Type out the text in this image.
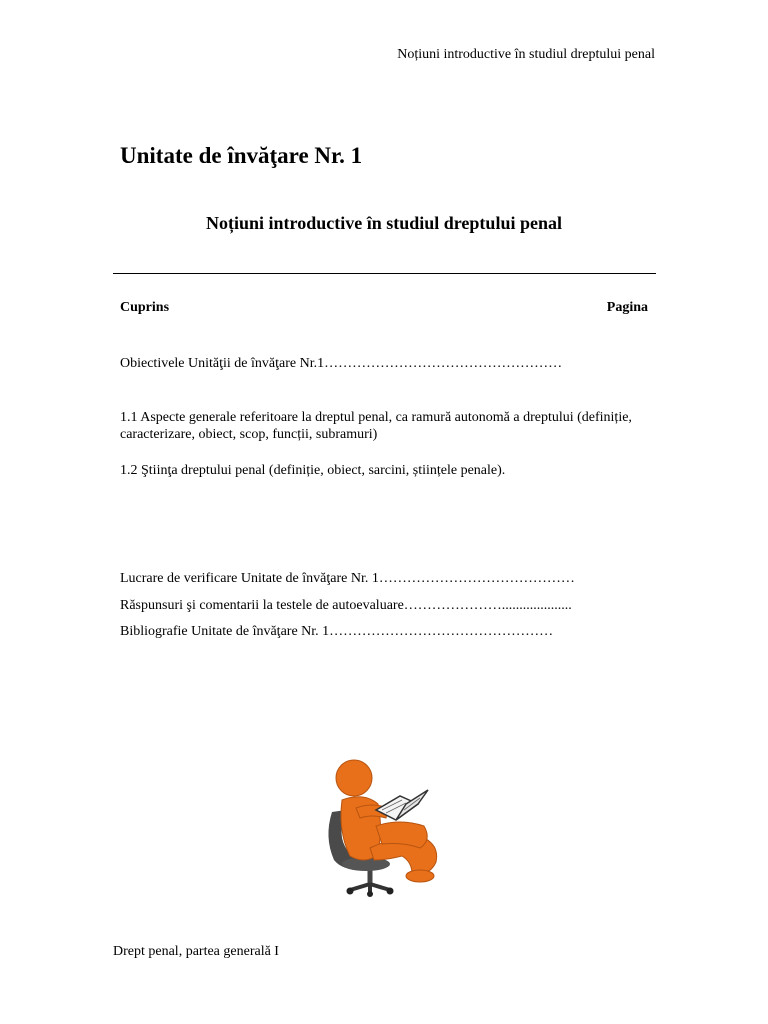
Noțiuni introductive în studiul dreptului penal
Unitate de învăţare Nr. 1
Noțiuni introductive în studiul dreptului penal
Cuprins	Pagina
Obiectivele Unităţii de învăţare Nr.1……………………………………………
1.1 Aspecte generale referitoare la dreptul penal, ca ramură autonomă a dreptului (definiție, caracterizare, obiect, scop, funcții, subramuri)
1.2 Ştiinţa dreptului penal (definiție, obiect, sarcini, științele penale).
Lucrare de verificare Unitate de învăţare Nr. 1……………………………………
Răspunsuri şi comentarii la testele de autoevaluare…………………....................
Bibliografie Unitate de învăţare Nr. 1…………………………………………
Drept penal, partea generală I
